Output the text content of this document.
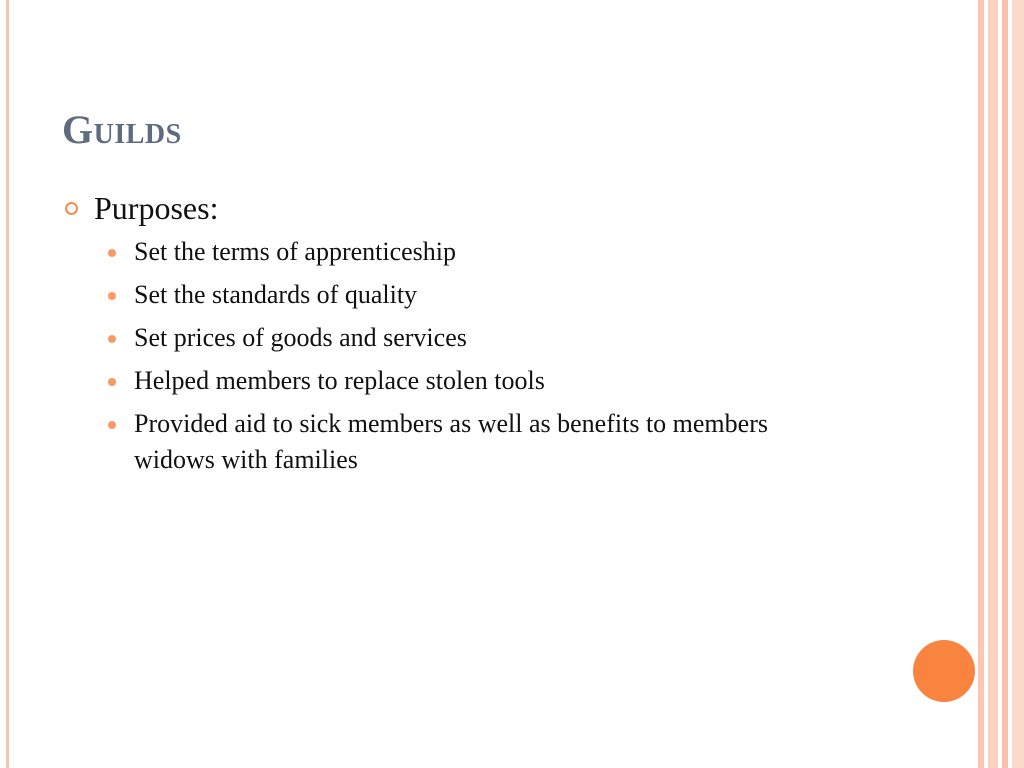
Guilds
Purposes:
Set the terms of apprenticeship
Set the standards of quality
Set prices of goods and services
Helped members to replace stolen tools
Provided aid to sick members as well as benefits to members widows with families
